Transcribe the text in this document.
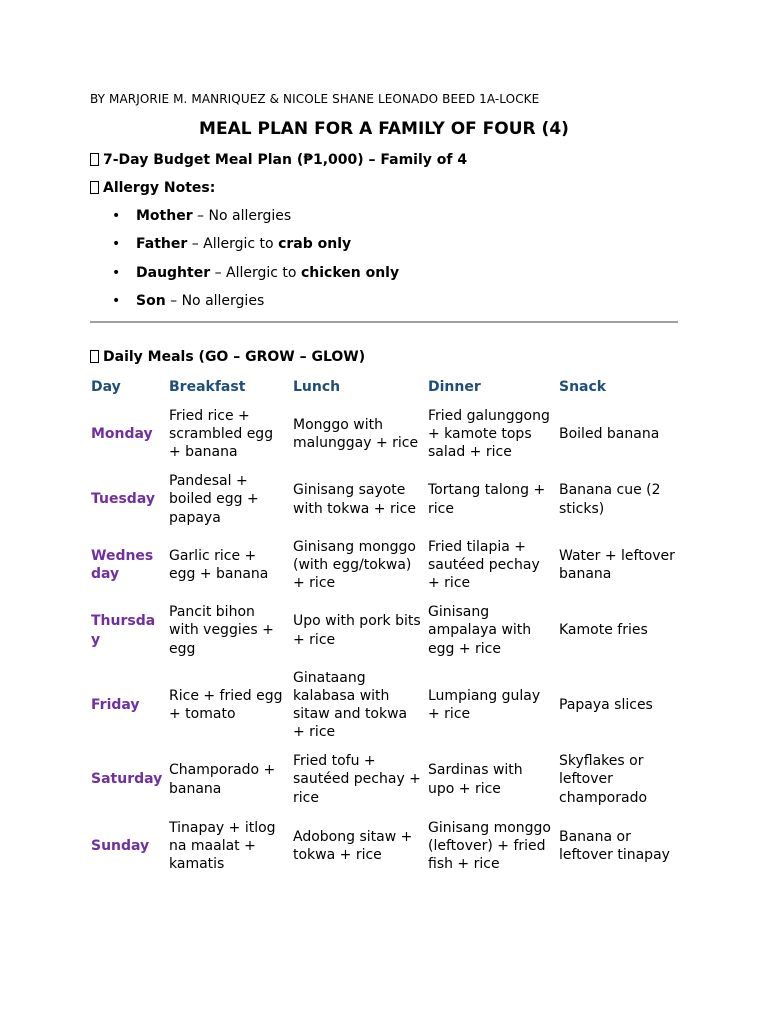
BY MARJORIE M. MANRIQUEZ & NICOLE SHANE LEONADO BEED 1A-LOCKE
MEAL PLAN FOR A FAMILY OF FOUR (4)
7-Day Budget Meal Plan (₱1,000) – Family of 4
Allergy Notes:
• Mother – No allergies
• Father – Allergic to crab only
• Daughter – Allergic to chicken only
• Son – No allergies
Daily Meals (GO – GROW – GLOW)
Day	Breakfast	Lunch	Dinner	Snack
Monday	Fried rice + scrambled egg + banana	Monggo with malunggay + rice	Fried galunggong + kamote tops salad + rice	Boiled banana
Tuesday	Pandesal + boiled egg + papaya	Ginisang sayote with tokwa + rice	Tortang talong + rice	Banana cue (2 sticks)
Wednesday	Garlic rice + egg + banana	Ginisang monggo (with egg/tokwa) + rice	Fried tilapia + sautéed pechay + rice	Water + leftover banana
Thursday	Pancit bihon with veggies + egg	Upo with pork bits + rice	Ginisang ampalaya with egg + rice	Kamote fries
Friday	Rice + fried egg + tomato	Ginataang kalabasa with sitaw and tokwa + rice	Lumpiang gulay + rice	Papaya slices
Saturday	Champorado + banana	Fried tofu + sautéed pechay + rice	Sardinas with upo + rice	Skyflakes or leftover champorado
Sunday	Tinapay + itlog na maalat + kamatis	Adobong sitaw + tokwa + rice	Ginisang monggo (leftover) + fried fish + rice	Banana or leftover tinapay
